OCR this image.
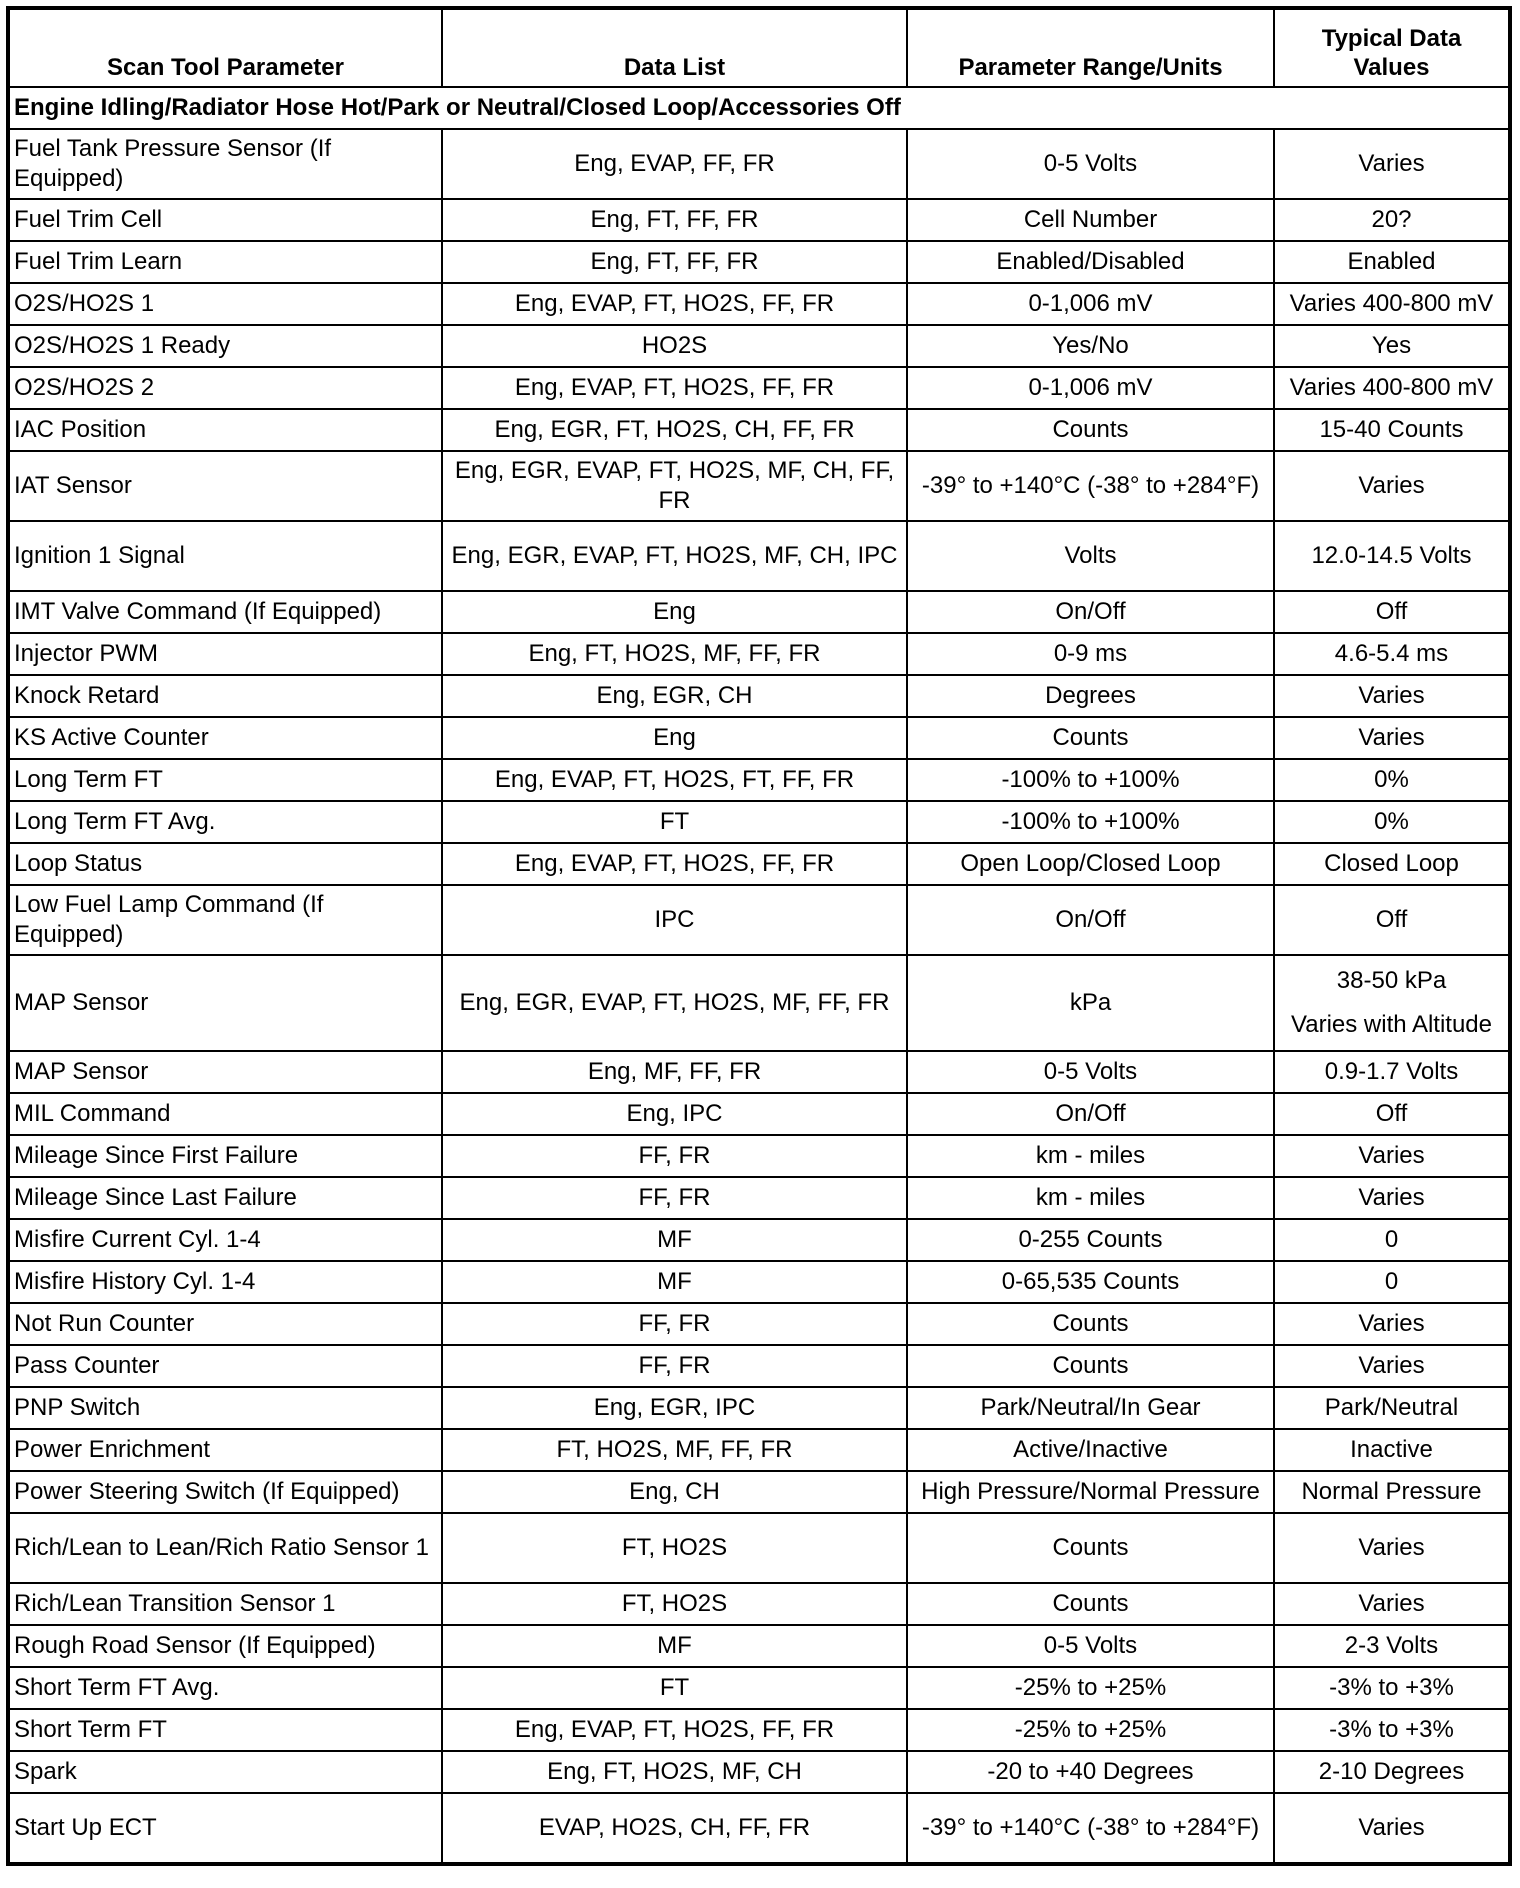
Scan Tool Parameter	Data List	Parameter Range/Units	Typical Data Values
Engine Idling/Radiator Hose Hot/Park or Neutral/Closed Loop/Accessories Off			
Fuel Tank Pressure Sensor (If Equipped)	Eng, EVAP, FF, FR	0-5 Volts	Varies
Fuel Trim Cell	Eng, FT, FF, FR	Cell Number	20?
Fuel Trim Learn	Eng, FT, FF, FR	Enabled/Disabled	Enabled
O2S/HO2S 1	Eng, EVAP, FT, HO2S, FF, FR	0-1,006 mV	Varies 400-800 mV
O2S/HO2S 1 Ready	HO2S	Yes/No	Yes
O2S/HO2S 2	Eng, EVAP, FT, HO2S, FF, FR	0-1,006 mV	Varies 400-800 mV
IAC Position	Eng, EGR, FT, HO2S, CH, FF, FR	Counts	15-40 Counts
IAT Sensor	Eng, EGR, EVAP, FT, HO2S, MF, CH, FF, FR	-39° to +140°C (-38° to +284°F)	Varies
Ignition 1 Signal	Eng, EGR, EVAP, FT, HO2S, MF, CH, IPC	Volts	12.0-14.5 Volts
IMT Valve Command (If Equipped)	Eng	On/Off	Off
Injector PWM	Eng, FT, HO2S, MF, FF, FR	0-9 ms	4.6-5.4 ms
Knock Retard	Eng, EGR, CH	Degrees	Varies
KS Active Counter	Eng	Counts	Varies
Long Term FT	Eng, EVAP, FT, HO2S, FT, FF, FR	-100% to +100%	0%
Long Term FT Avg.	FT	-100% to +100%	0%
Loop Status	Eng, EVAP, FT, HO2S, FF, FR	Open Loop/Closed Loop	Closed Loop
Low Fuel Lamp Command (If Equipped)	IPC	On/Off	Off
MAP Sensor	Eng, EGR, EVAP, FT, HO2S, MF, FF, FR	kPa	38-50 kPa
Varies with Altitude
MAP Sensor	Eng, MF, FF, FR	0-5 Volts	0.9-1.7 Volts
MIL Command	Eng, IPC	On/Off	Off
Mileage Since First Failure	FF, FR	km - miles	Varies
Mileage Since Last Failure	FF, FR	km - miles	Varies
Misfire Current Cyl. 1-4	MF	0-255 Counts	0
Misfire History Cyl. 1-4	MF	0-65,535 Counts	0
Not Run Counter	FF, FR	Counts	Varies
Pass Counter	FF, FR	Counts	Varies
PNP Switch	Eng, EGR, IPC	Park/Neutral/In Gear	Park/Neutral
Power Enrichment	FT, HO2S, MF, FF, FR	Active/Inactive	Inactive
Power Steering Switch (If Equipped)	Eng, CH	High Pressure/Normal Pressure	Normal Pressure
Rich/Lean to Lean/Rich Ratio Sensor 1	FT, HO2S	Counts	Varies
Rich/Lean Transition Sensor 1	FT, HO2S	Counts	Varies
Rough Road Sensor (If Equipped)	MF	0-5 Volts	2-3 Volts
Short Term FT Avg.	FT	-25% to +25%	-3% to +3%
Short Term FT	Eng, EVAP, FT, HO2S, FF, FR	-25% to +25%	-3% to +3%
Spark	Eng, FT, HO2S, MF, CH	-20 to +40 Degrees	2-10 Degrees
Start Up ECT	EVAP, HO2S, CH, FF, FR	-39° to +140°C (-38° to +284°F)	Varies
